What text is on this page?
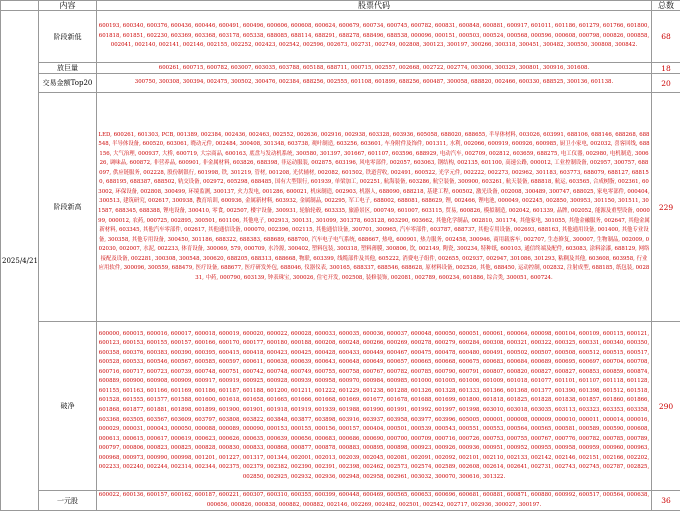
	内容	股票代码	总数
2025/4/21	阶段新低	600193, 600340, 600376, 600436, 600446, 600491, 600496, 600606, 600608, 600624, 600679, 600734, 600745, 600782, 600831, 600848, 600881, 600917, 601011, 601186, 601279, 601766, 601800, 601818, 601851, 602230, 603369, 603368, 603178, 605338, 688085, 688114, 688291, 688278, 688496, 688538, 000096, 000151, 000503, 000524, 000568, 000596, 000608, 000798, 000826, 000858, 002041, 002140, 002141, 002146, 002155, 002252, 002423, 002542, 002596, 002673, 002731, 002749, 002808, 300123, 300197, 300266, 300318, 300451, 300482, 300550, 300808, 300842.	68
	放巨量	600261, 600715, 600782, 603007, 603035, 603788, 605188, 688711, 000715, 002557, 002668, 002722, 002774, 003006, 300329, 300801, 300916, 301608.	18
	交易金额Top20	300750, 300308, 300394, 002475, 300502, 300476, 002384, 688256, 002555, 601108, 601899, 688256, 600487, 300058, 688820, 002466, 600330, 688525, 300136, 601138.	20
	阶段新高	LED, 600261, 601303, PCB, 001389, 002384, 002436, 002463, 002552, 002636, 002916, 002938, 603328, 603936, 605058, 688020, 688655, 半导体材料, 003026, 603991, 688106, 688146, 688268, 688548, 半导体设备, 600520, 603061, 晓动元件, 002484, 300408, 301348, 603738, 观叶制造, 603256, 603601, 车身附件及饰件, 001311, 水利, 002066, 600919, 600926, 600985, 厨卫小家电, 002032, 喜客回线, 688156, 大气治理, 000937, 大桥, 600719, 大宗商品, 600163, 底盘与发动机系统, 300580, 301397, 301667, 601107, 603596, 688929, 电动汽车, 002709, 002812, 603659, 688275, 电工仪器, 002980, 电机制造, 300626, 调味品, 600872, 非营养品, 600901, 非金属材料, 603826, 688398, 非运动服装, 002875, 603196, 风电零部件, 002057, 603063, 钢结构, 002135, 601100, 高速公路, 000012, 工业控制设备, 002957, 300757, 688097, 供应链服务, 002228, 股份制银行, 601998, 铁, 301219, 管材, 001208, 光伏辅材, 002082, 601502, 铁道营收, 002491, 600522, 光学元件, 002222, 002273, 002962, 301183, 603773, 688079, 688127, 688150, 688195, 688387, 688502, 轨交设备, 002972, 605298, 688485, 国有大型银行, 601939, 单梁加工, 002251, 航海装备, 603286, 航空装备, 300900, 603261, 航天装备, 688818, 航运, 603565, 合成树脂, 002361, 603002, 环保设备, 002808, 300499, 环境监测, 300137, 火力发电, 001286, 600021, 机床制造, 002903, 机器人, 688090, 688218, 基建工程, 600502, 激光设备, 002008, 300489, 300747, 688025, 家电零部件, 000404, 300513, 建筑研究, 002617, 300938, 教育培训, 600936, 金属新材料, 603932, 金属制品, 002295, 军工电子, 688002, 688081, 688629, 锂, 002466, 锂电池, 000049, 002245, 002850, 300953, 301150, 301511, 301587, 688345, 688388, 锂电设备, 300410, 零食, 002507, 楼宇设备, 300931, 轮胎轮毂, 603335, 旅游景区, 000749, 601007, 603115, 贸易, 600826, 模拟制造, 002042, 601339, 品牌, 002052, 能源及重型设备, 000099, 000012, 农药, 000725, 002895, 300501, 601106, 其他电子, 002913, 300131, 301099, 301378, 603128, 603290, 603662, 其他化学制品, 002810, 301174, 其他家电, 301055, 其他金融服务, 002647, 其他金属新材料, 603345, 其他汽车零部件, 002617, 其他通信设备, 000070, 002396, 002115, 其他通信设备, 300701, 300965, 汽车零部件, 603787, 688737, 其他专用设备, 002693, 688163, 其他通用设备, 001400, 其他专业设备, 300358, 其他专用设备, 300450, 301186, 688322, 688383, 688689, 688700, 汽车电子电气系统, 688667, 热电, 600901, 热力服务, 002458, 300946, 商用载客车, 002707, 生态修复, 300007, 生物制品, 002009, 002030, 002007, 水泥, 002233, 体育设备, 300069, 579, 000709, 水冷源, 300402, 塑料包装, 300318, 塑料薄膜, 300806, 饮, 002149, 陶瓷, 300234, 特种纸, 600103, 通信终端及配件, 603083, 涂料涂漆, 688129, 网络接配及设备, 002281, 300308, 300548, 300620, 688205, 688313, 688668, 物联, 603399, 线缆部件及其他, 605222, 消费电子组件, 002655, 002937, 002947, 301086, 301293, 粘稠及其他, 603608, 603958, 行业应用软件, 300096, 300559, 688479, 医疗设备, 688677, 医疗研发外包, 688046, 仪器仪表, 300165, 688337, 688546, 688628, 原材料设备, 002526, 其他, 688450, 运动控制, 002832, 注射成型, 688185, 纸包装, 002831, 中药, 000790, 603139, 钟表珠宝, 300026, 住宅开发, 002508, 装修装饰, 002081, 002789, 600234, 601886, 综合类, 300051, 600724.	229
	破净	600000, 600015, 600016, 600017, 600018, 600019, 600020, 600022, 600028, 600033, 600035, 600036, 600037, 600048, 600050, 600051, 600061, 600064, 600098, 600104, 600109, 600115, 600121, 600123, 600153, 600155, 600157, 600166, 600170, 600177, 600180, 600188, 600208, 600248, 600266, 600269, 600278, 600279, 600284, 600308, 600321, 600322, 600325, 600331, 600340, 600350, 600358, 600376, 600383, 600390, 600395, 600415, 600418, 600423, 600425, 600428, 600433, 600449, 600467, 600475, 600478, 600480, 600491, 600502, 600507, 600508, 600512, 600515, 600517, 600528, 600533, 600546, 600567, 600585, 600597, 600611, 600638, 600639, 600643, 600648, 600649, 600657, 600665, 600668, 600675, 600683, 600684, 600689, 600695, 600697, 600704, 600708, 600716, 600717, 600723, 600739, 600748, 600751, 600742, 600748, 600749, 600755, 600758, 600767, 600782, 600785, 600790, 600791, 600807, 600820, 600827, 600827, 600853, 600859, 600874, 600889, 600900, 600908, 600909, 600917, 600919, 600925, 600928, 600939, 600958, 600970, 600984, 600985, 601000, 601005, 601006, 601009, 601018, 601077, 601101, 601107, 601118, 601128, 601155, 601163, 601166, 601169, 601186, 601187, 601188, 601200, 601211, 601222, 601229, 601238, 601288, 601326, 601328, 601333, 601366, 601368, 601377, 601390, 601398, 601512, 601518, 601528, 601555, 601577, 601588, 601600, 601618, 601658, 601665, 601666, 601668, 601669, 601677, 601678, 601688, 601699, 601800, 601818, 601825, 601828, 601838, 601857, 601860, 601866, 601868, 601877, 601881, 601898, 601899, 601900, 601901, 601918, 601919, 601939, 601988, 601990, 601991, 601992, 601997, 601998, 603010, 603018, 603035, 603113, 603323, 603353, 603358, 603368, 603505, 603567, 603609, 603797, 603808, 603822, 603848, 603877, 603898, 603916, 603937, 603958, 603977, 603996, 605005, 000001, 000008, 000009, 000010, 000011, 000014, 000016, 000029, 000031, 000043, 000050, 000088, 000089, 000090, 000153, 000155, 000156, 000157, 000404, 000501, 000539, 000543, 000551, 000553, 000564, 000565, 000581, 000589, 000590, 000608, 000613, 000615, 000617, 000619, 000623, 000626, 000635, 000639, 000656, 000683, 000686, 000690, 000700, 000709, 000716, 000726, 000753, 000755, 000767, 000776, 000782, 000785, 000789, 000797, 000806, 000823, 000825, 000828, 000830, 000833, 000868, 000877, 000878, 000883, 000895, 000898, 000923, 000926, 000936, 000951, 000952, 000955, 000958, 000959, 000960, 000963, 000968, 000973, 000990, 000998, 001201, 001227, 001317, 001344, 002001, 002013, 002039, 002045, 002081, 002091, 002092, 002101, 002110, 002133, 002142, 002146, 002151, 002166, 002202, 002233, 002240, 002244, 002314, 002344, 002375, 002379, 002382, 002390, 002391, 002398, 002462, 002573, 002574, 002589, 002608, 002614, 002641, 002731, 002743, 002745, 002787, 002825, 002850, 002925, 002932, 002936, 002948, 002958, 002961, 003032, 300070, 300616, 301322.	290
	一元股	600022, 600136, 600157, 600162, 600187, 600221, 600307, 600310, 600355, 600399, 600448, 600469, 600565, 600653, 600696, 600681, 600881, 600871, 600880, 600992, 600517, 000564, 000638, 000656, 000826, 000838, 000882, 000882, 002146, 002269, 002482, 002501, 002542, 002717, 002936, 300027, 300197.	36
